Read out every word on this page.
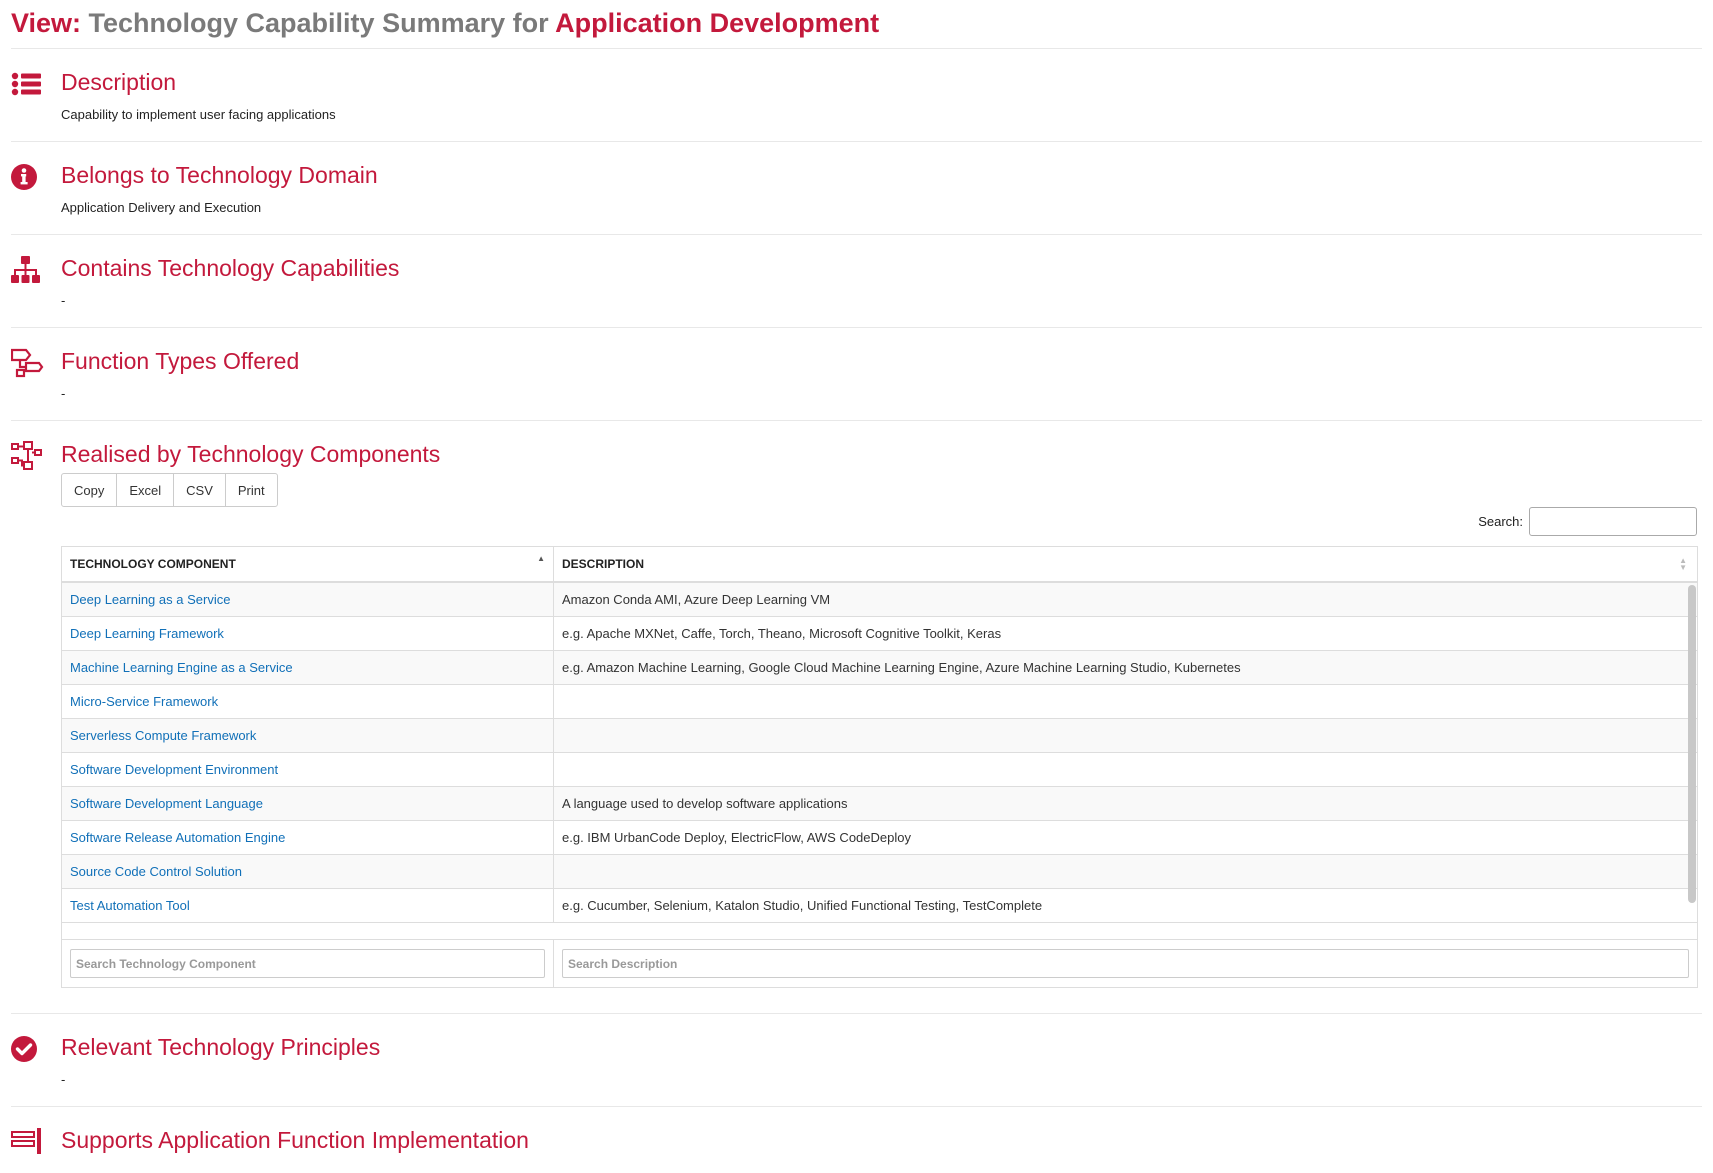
View: Technology Capability Summary for Application Development
Description
Capability to implement user facing applications
Belongs to Technology Domain
Application Delivery and Execution
Contains Technology Capabilities
-
Function Types Offered
-
Realised by Technology Components
Copy	Excel	CSV	Print
Search:
TECHNOLOGY COMPONENT	▲ DESCRIPTION	▲
▼
Deep Learning as a Service	Amazon Conda AMI, Azure Deep Learning VM
Deep Learning Framework	e.g. Apache MXNet, Caffe, Torch, Theano, Microsoft Cognitive Toolkit, Keras
Machine Learning Engine as a Service	e.g. Amazon Machine Learning, Google Cloud Machine Learning Engine, Azure Machine Learning Studio, Kubernetes
Micro-Service Framework
Serverless Compute Framework
Software Development Environment
Software Development Language	A language used to develop software applications
Software Release Automation Engine	e.g. IBM UrbanCode Deploy, ElectricFlow, AWS CodeDeploy
Source Code Control Solution
Test Automation Tool	e.g. Cucumber, Selenium, Katalon Studio, Unified Functional Testing, TestComplete
Search Technology Component
Search Description
Relevant Technology Principles
-
Supports Application Function Implementation
